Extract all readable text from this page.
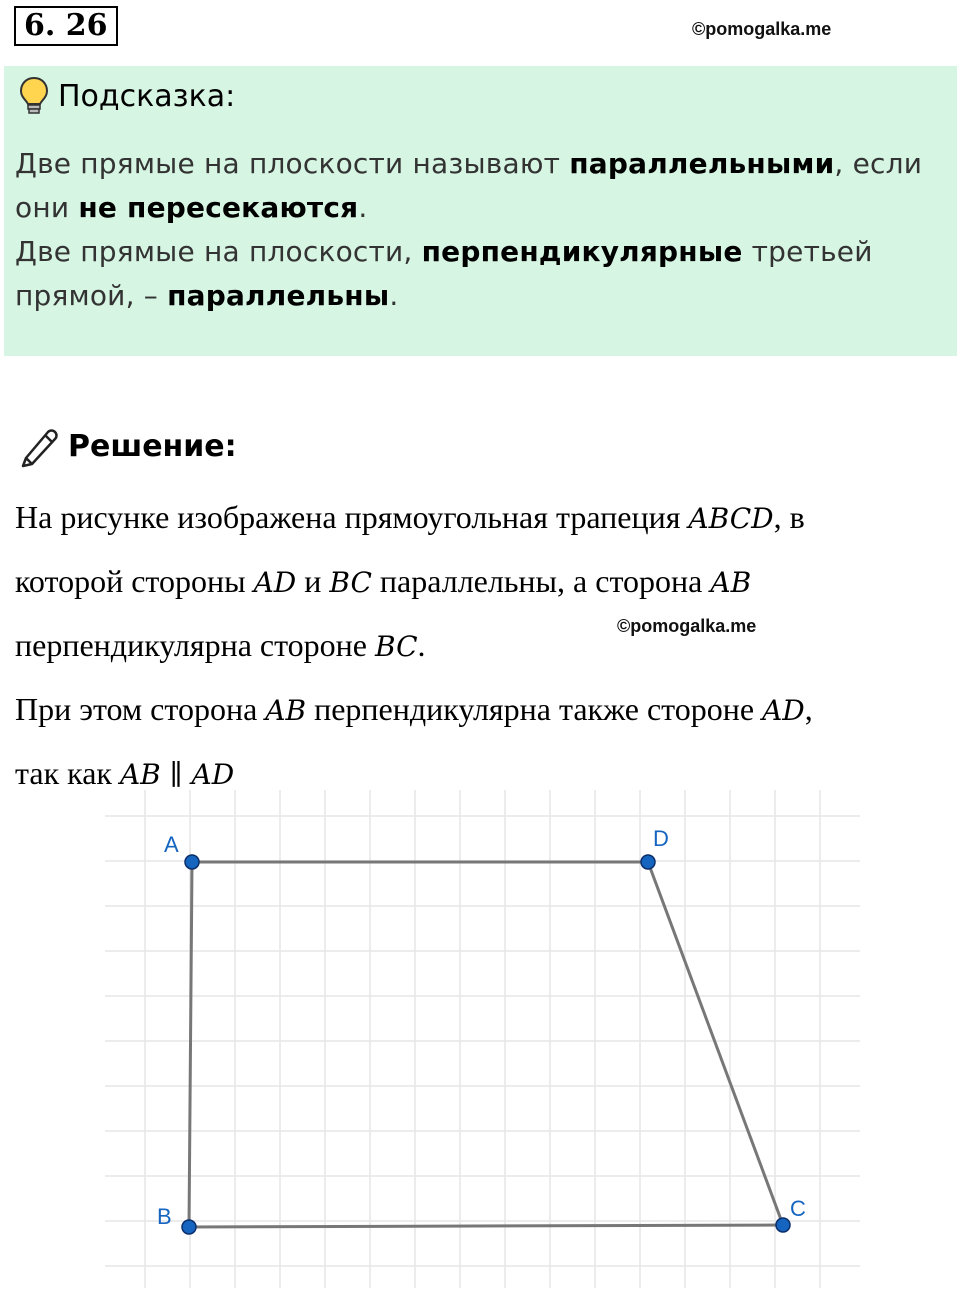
6. 26	©pomogalka.me
Подсказка:
Две прямые на плоскости называют параллельными, если
они не пересекаются.
Две прямые на плоскости, перпендикулярные третьей
прямой, – параллельны.
Решение:
©pomogalka.me
На рисунке изображена прямоугольная трапеция ABCD, в
которой стороны AD и BC параллельны, а сторона AB
перпендикулярна стороне BC.
При этом сторона AB перпендикулярна также стороне AD,
так как AB ∥ AD
A	D
B	C
